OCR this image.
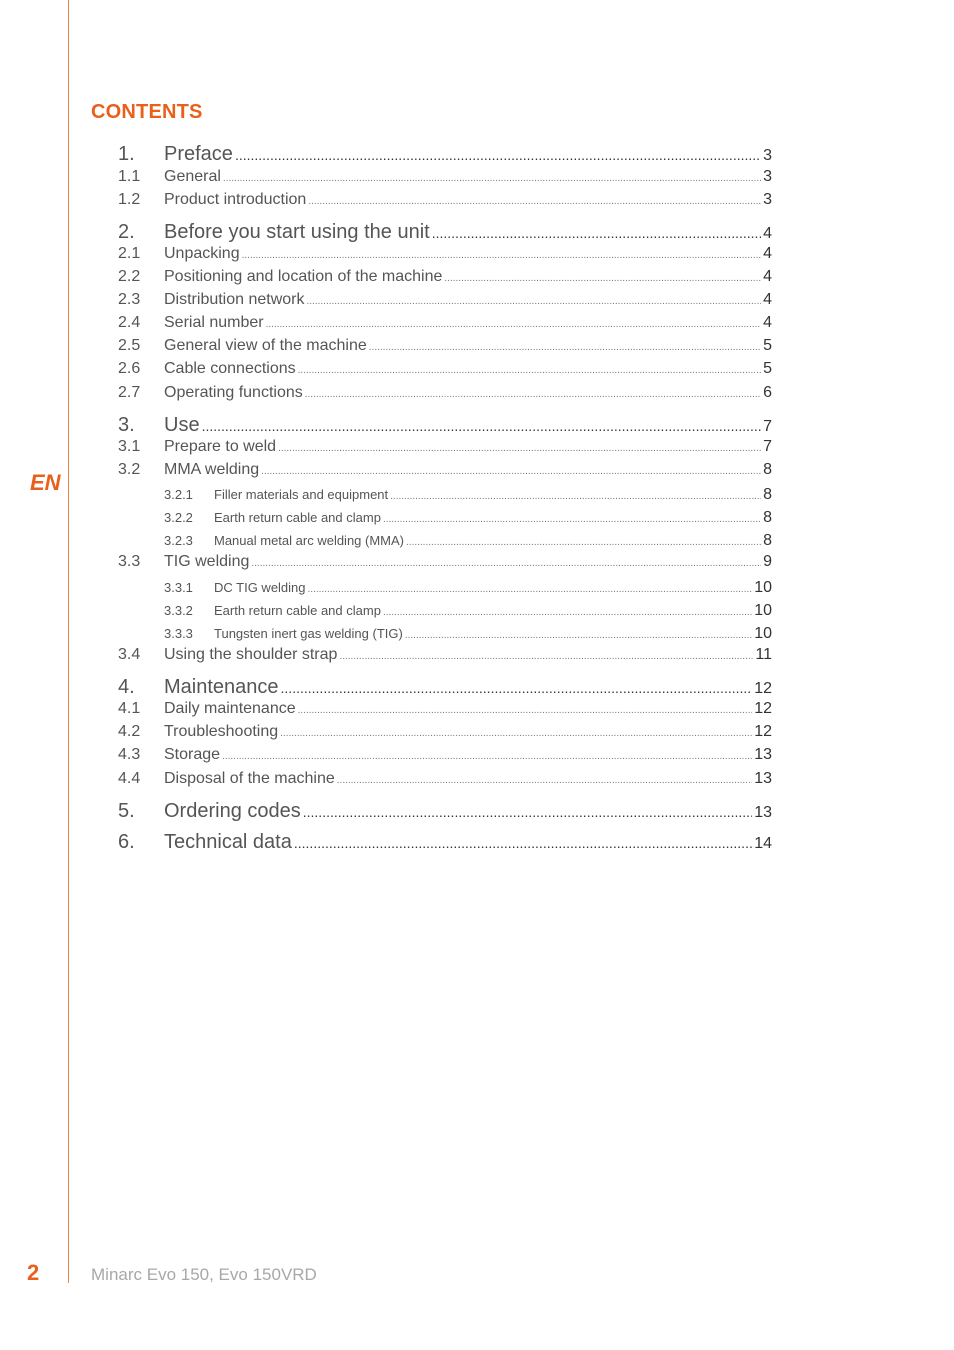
EN
CONTENTS
1.	Preface .....	3
1.1	General .....	3
1.2	Product introduction .....	3
2.	Before you start using the unit .....	4
2.1	Unpacking .....	4
2.2	Positioning and location of the machine .....	4
2.3	Distribution network .....	4
2.4	Serial number .....	4
2.5	General view of the machine .....	5
2.6	Cable connections .....	5
2.7	Operating functions .....	6
3.	Use .....	7
3.1	Prepare to weld .....	7
3.2	MMA welding .....	8
3.2.1	Filler materials and equipment .....	8
3.2.2	Earth return cable and clamp .....	8
3.2.3	Manual metal arc welding (MMA) .....	8
3.3	TIG welding .....	9
3.3.1	DC TIG welding .....	10
3.3.2	Earth return cable and clamp .....	10
3.3.3	Tungsten inert gas welding (TIG) .....	10
3.4	Using the shoulder strap .....	11
4.	Maintenance .....	12
4.1	Daily maintenance .....	12
4.2	Troubleshooting .....	12
4.3	Storage .....	13
4.4	Disposal of the machine .....	13
5.	Ordering codes .....	13
6.	Technical data .....	14
2	Minarc Evo 150, Evo 150VRD
